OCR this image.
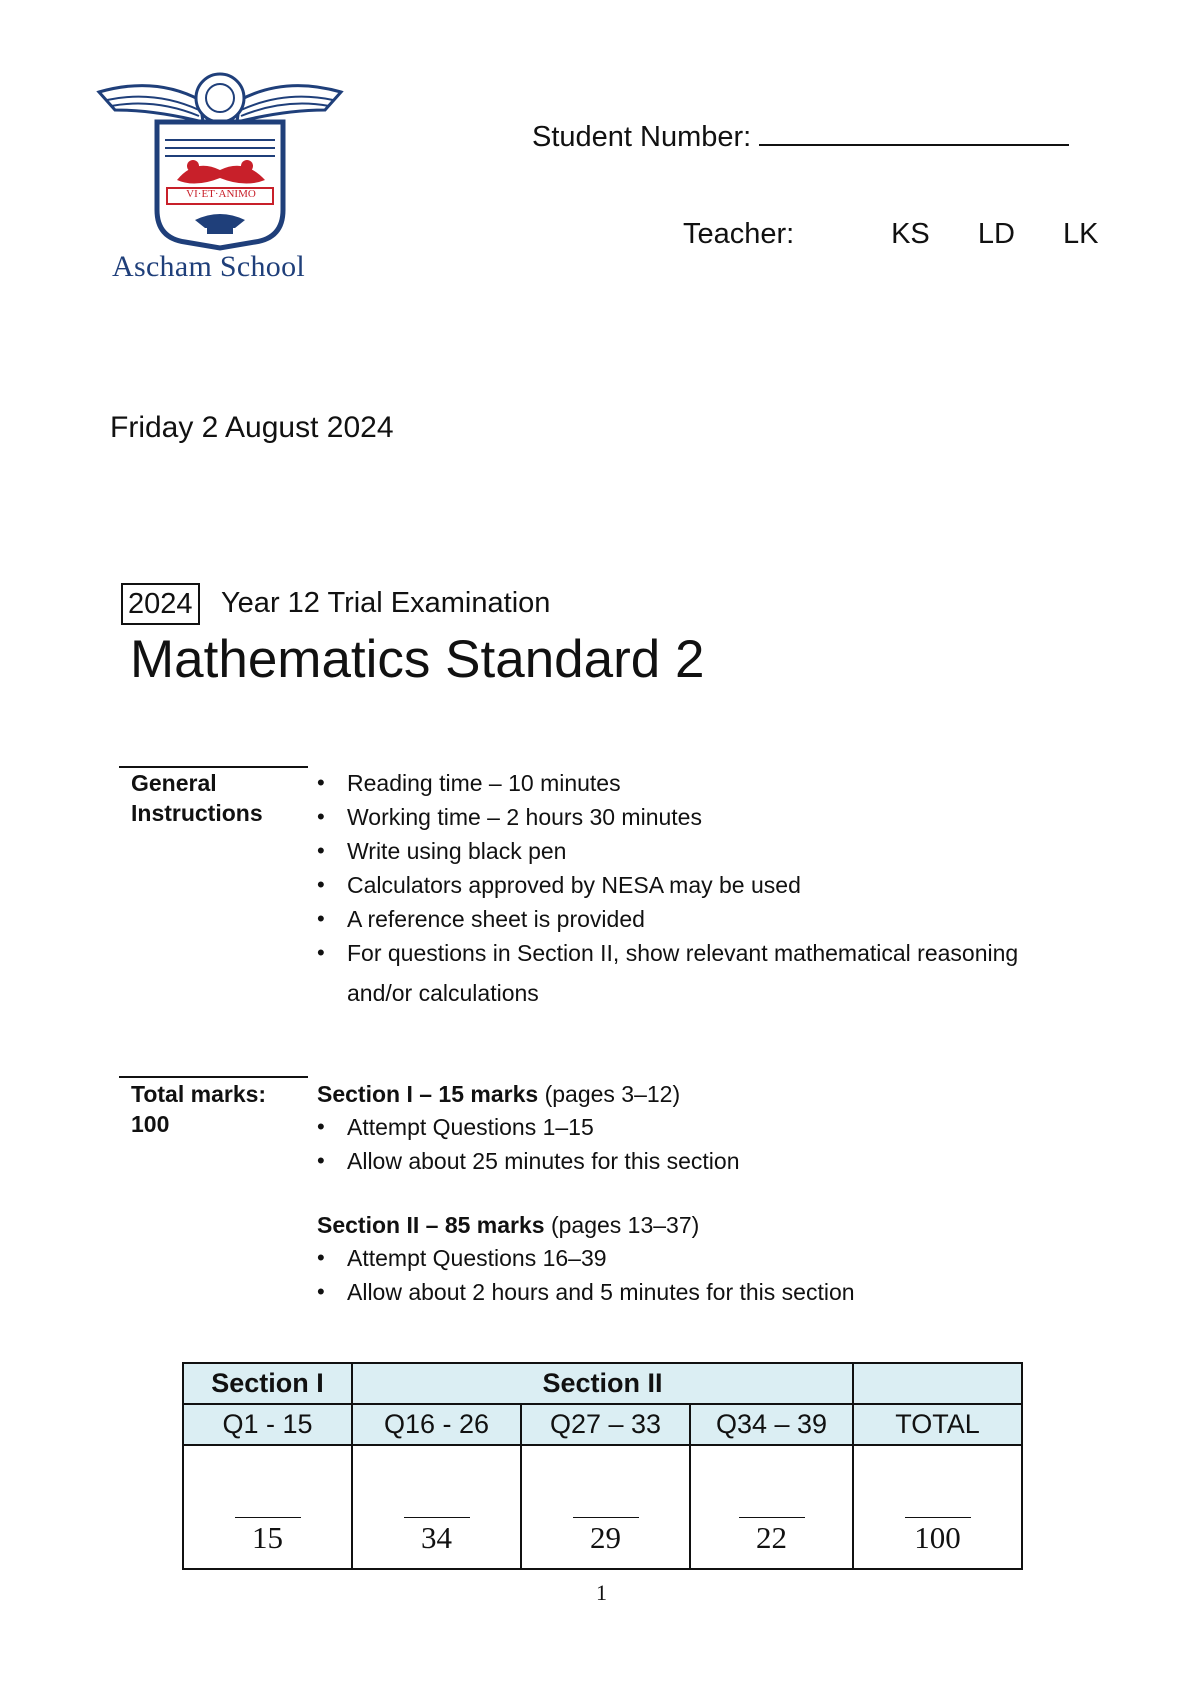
VI·ET·ANIMO
Ascham School
Student Number:
Teacher:	KS LD LK
Friday 2 August 2024
2024 Year 12 Trial Examination
Mathematics Standard 2
General
Instructions
• Reading time – 10 minutes
• Working time – 2 hours 30 minutes
• Write using black pen
• Calculators approved by NESA may be used
• A reference sheet is provided
• For questions in Section II, show relevant mathematical reasoning
and/or calculations
Total marks:
100
Section I – 15 marks (pages 3–12)
• Attempt Questions 1–15
• Allow about 25 minutes for this section
Section II – 85 marks (pages 13–37)
• Attempt Questions 16–39
• Allow about 2 hours and 5 minutes for this section
Section I	Section II			
Q1 - 15	Q16 - 26	Q27 – 33	Q34 – 39	TOTAL
15	34	29	22	100
1
